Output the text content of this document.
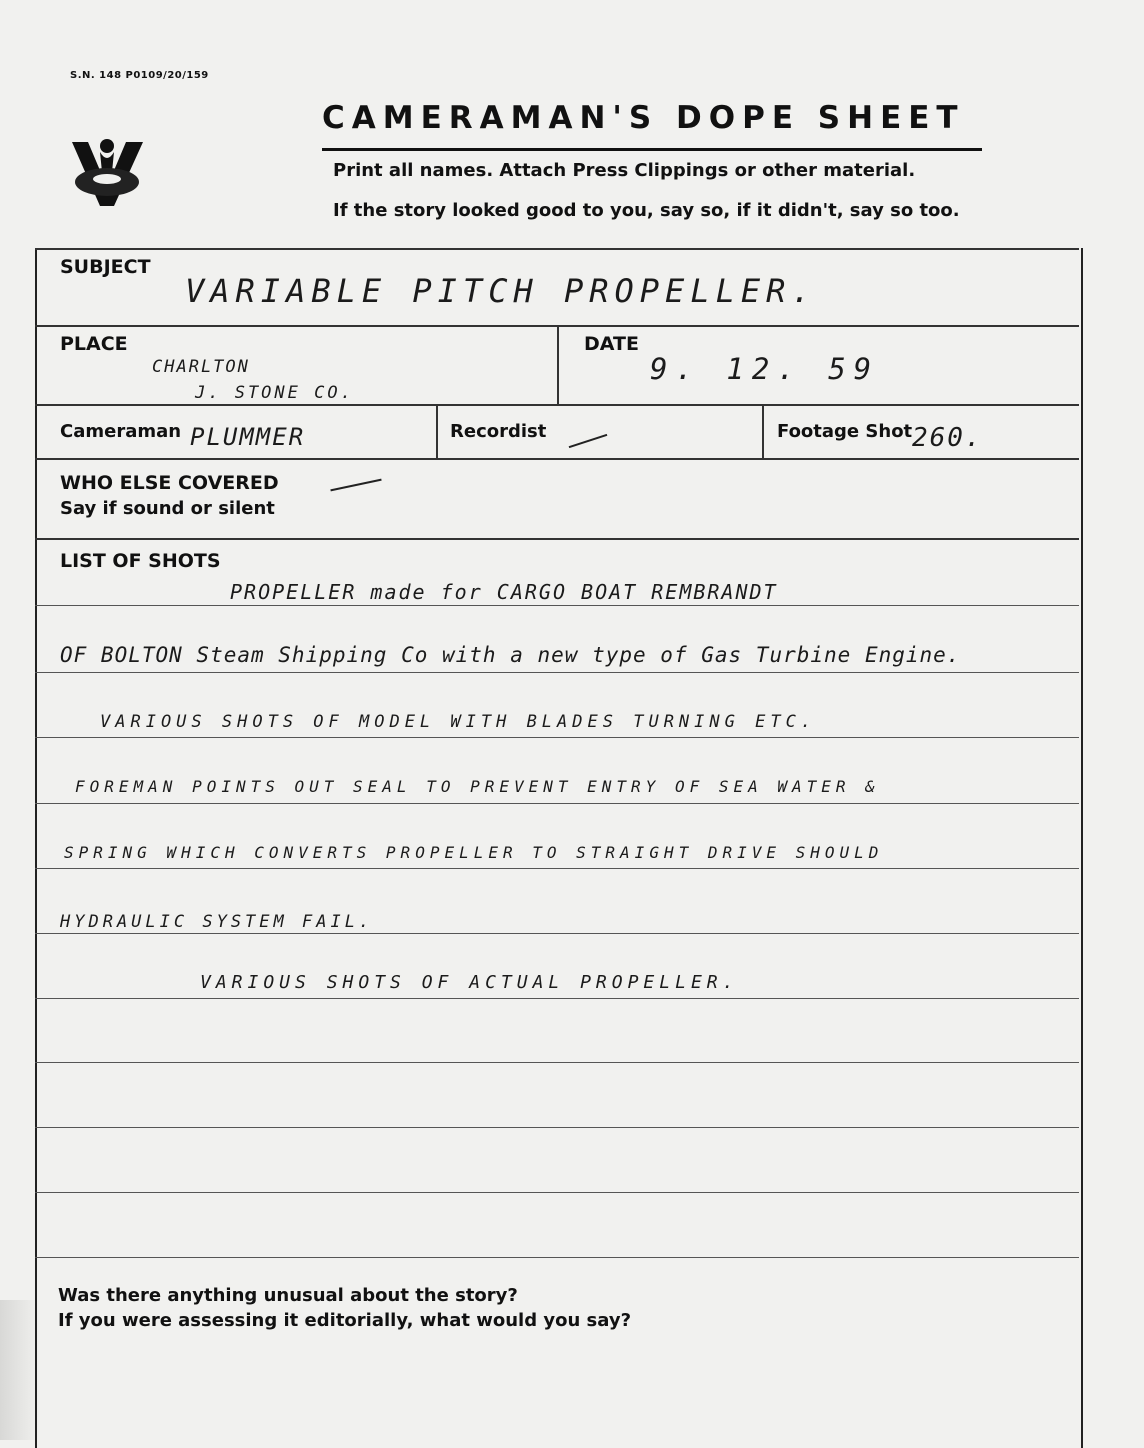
S.N. 148 P0109/20/159
CAMERAMAN'S DOPE SHEET
Print all names. Attach Press Clippings or other material.
If the story looked good to you, say so, if it didn't, say so too.
SUBJECT
VARIABLE PITCH PROPELLER.
PLACE
CHARLTON
J. STONE CO.
DATE
9. 12. 59
Cameraman PLUMMER	Recordist	Footage Shot 260.
WHO ELSE COVERED
Say if sound or silent
LIST OF SHOTS
PROPELLER made for CARGO BOAT REMBRANDT
OF BOLTON Steam Shipping Co with a new type of Gas Turbine Engine.
VARIOUS SHOTS OF MODEL WITH BLADES TURNING ETC.
FOREMAN POINTS OUT SEAL TO PREVENT ENTRY OF SEA WATER &
SPRING WHICH CONVERTS PROPELLER TO STRAIGHT DRIVE SHOULD
HYDRAULIC SYSTEM FAIL.
VARIOUS SHOTS OF ACTUAL PROPELLER.
Was there anything unusual about the story?
If you were assessing it editorially, what would you say?
